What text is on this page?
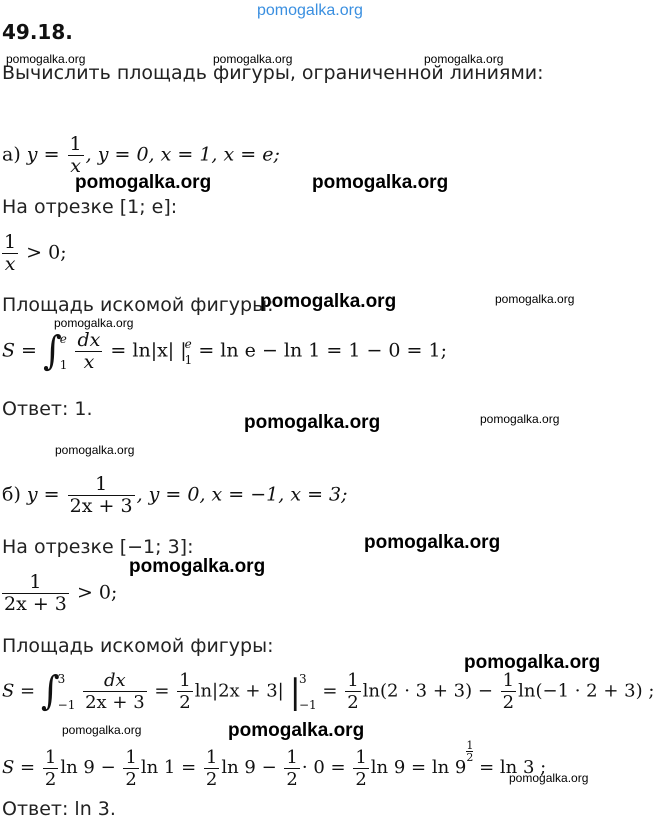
pomogalka.org
pomogalka.org	pomogalka.org	pomogalka.org
pomogalka.org	pomogalka.org
pomogalka.org	pomogalka.org
pomogalka.org
pomogalka.org	pomogalka.org
pomogalka.org
pomogalka.org
pomogalka.org
pomogalka.org
pomogalka.org	pomogalka.org
pomogalka.org
49.18.
Вычислить площадь фигуры, ограниченной линиями:
а) $y = \frac{1}{x}$ , y = 0, x = 1, x = e;
На отрезке [1; e]:
$\frac{1}{x} > 0$;
Площадь искомой фигуры:
S = ∫
e
1
$\frac{dx}{x} = \ln|x|$ |
e
1 = ln e − ln 1 = 1 − 0 = 1;
Ответ: 1.
б) $y = \frac{1}{2x + 3}$ , y = 0, x = −1, x = 3;
На отрезке [−1; 3]:
$\frac{1}{2x + 3} > 0$;
Площадь искомой фигуры:
S = ∫
3
−1
$\frac{dx}{2x + 3} = \frac{1}{2} \ln|2x + 3|$ |
3
−1
= $\frac{1}{2} \ln(2 \cdot 3 + 3) - \frac{1}{2} \ln(-1 \cdot 2 + 3)$ ;
$S = \frac{1}{2}$ $\ln 9 - \frac{1}{2}$ $\ln 1 = \frac{1}{2}$ $\ln 9 - \frac{1}{2} \cdot 0 = \frac{1}{2}$ ln 9 = ln 9
$\frac{1}{2}$
= ln 3 ;
Ответ: ln 3.
